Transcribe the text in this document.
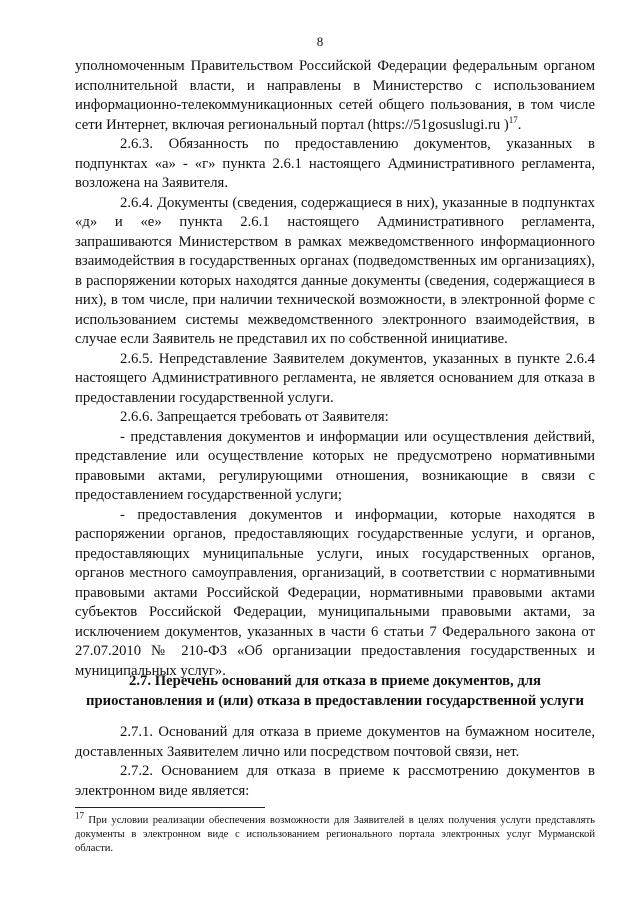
8

уполномоченным Правительством Российской Федерации федеральным органом исполнительной власти, и направлены в Министерство с использованием информационно-телекоммуникационных сетей общего пользования, в том числе сети Интернет, включая региональный портал (https://51gosuslugi.ru )$^{17}$.

2.6.3. Обязанность по предоставлению документов, указанных в подпунктах «а» - «г» пункта 2.6.1 настоящего Административного регламента, возложена на Заявителя.

2.6.4. Документы (сведения, содержащиеся в них), указанные в подпунктах «д» и «е» пункта 2.6.1 настоящего Административного регламента, запрашиваются Министерством в рамках межведомственного информационного взаимодействия в государственных органах (подведомственных им организациях), в распоряжении которых находятся данные документы (сведения, содержащиеся в них), в том числе, при наличии технической возможности, в электронной форме с использованием системы межведомственного электронного взаимодействия, в случае если Заявитель не представил их по собственной инициативе.

2.6.5. Непредставление Заявителем документов, указанных в пункте 2.6.4 настоящего Административного регламента, не является основанием для отказа в предоставлении государственной услуги.

2.6.6. Запрещается требовать от Заявителя:

- представления документов и информации или осуществления действий, представление или осуществление которых не предусмотрено нормативными правовыми актами, регулирующими отношения, возникающие в связи с предоставлением государственной услуги;

- предоставления документов и информации, которые находятся в распоряжении органов, предоставляющих государственные услуги, и органов, предоставляющих муниципальные услуги, иных государственных органов, органов местного самоуправления, организаций, в соответствии с нормативными правовыми актами Российской Федерации, нормативными правовыми актами субъектов Российской Федерации, муниципальными правовыми актами, за исключением документов, указанных в части 6 статьи 7 Федерального закона от 27.07.2010 № 210-ФЗ «Об организации предоставления государственных и муниципальных услуг».

2.7. Перечень оснований для отказа в приеме документов, для приостановления и (или) отказа в предоставлении государственной услуги

2.7.1. Оснований для отказа в приеме документов на бумажном носителе, доставленных Заявителем лично или посредством почтовой связи, нет.

2.7.2. Основанием для отказа в приеме к рассмотрению документов в электронном виде является:

$^{17}$ При условии реализации обеспечения возможности для Заявителей в целях получения услуги представлять документы в электронном виде с использованием регионального портала электронных услуг Мурманской области.
